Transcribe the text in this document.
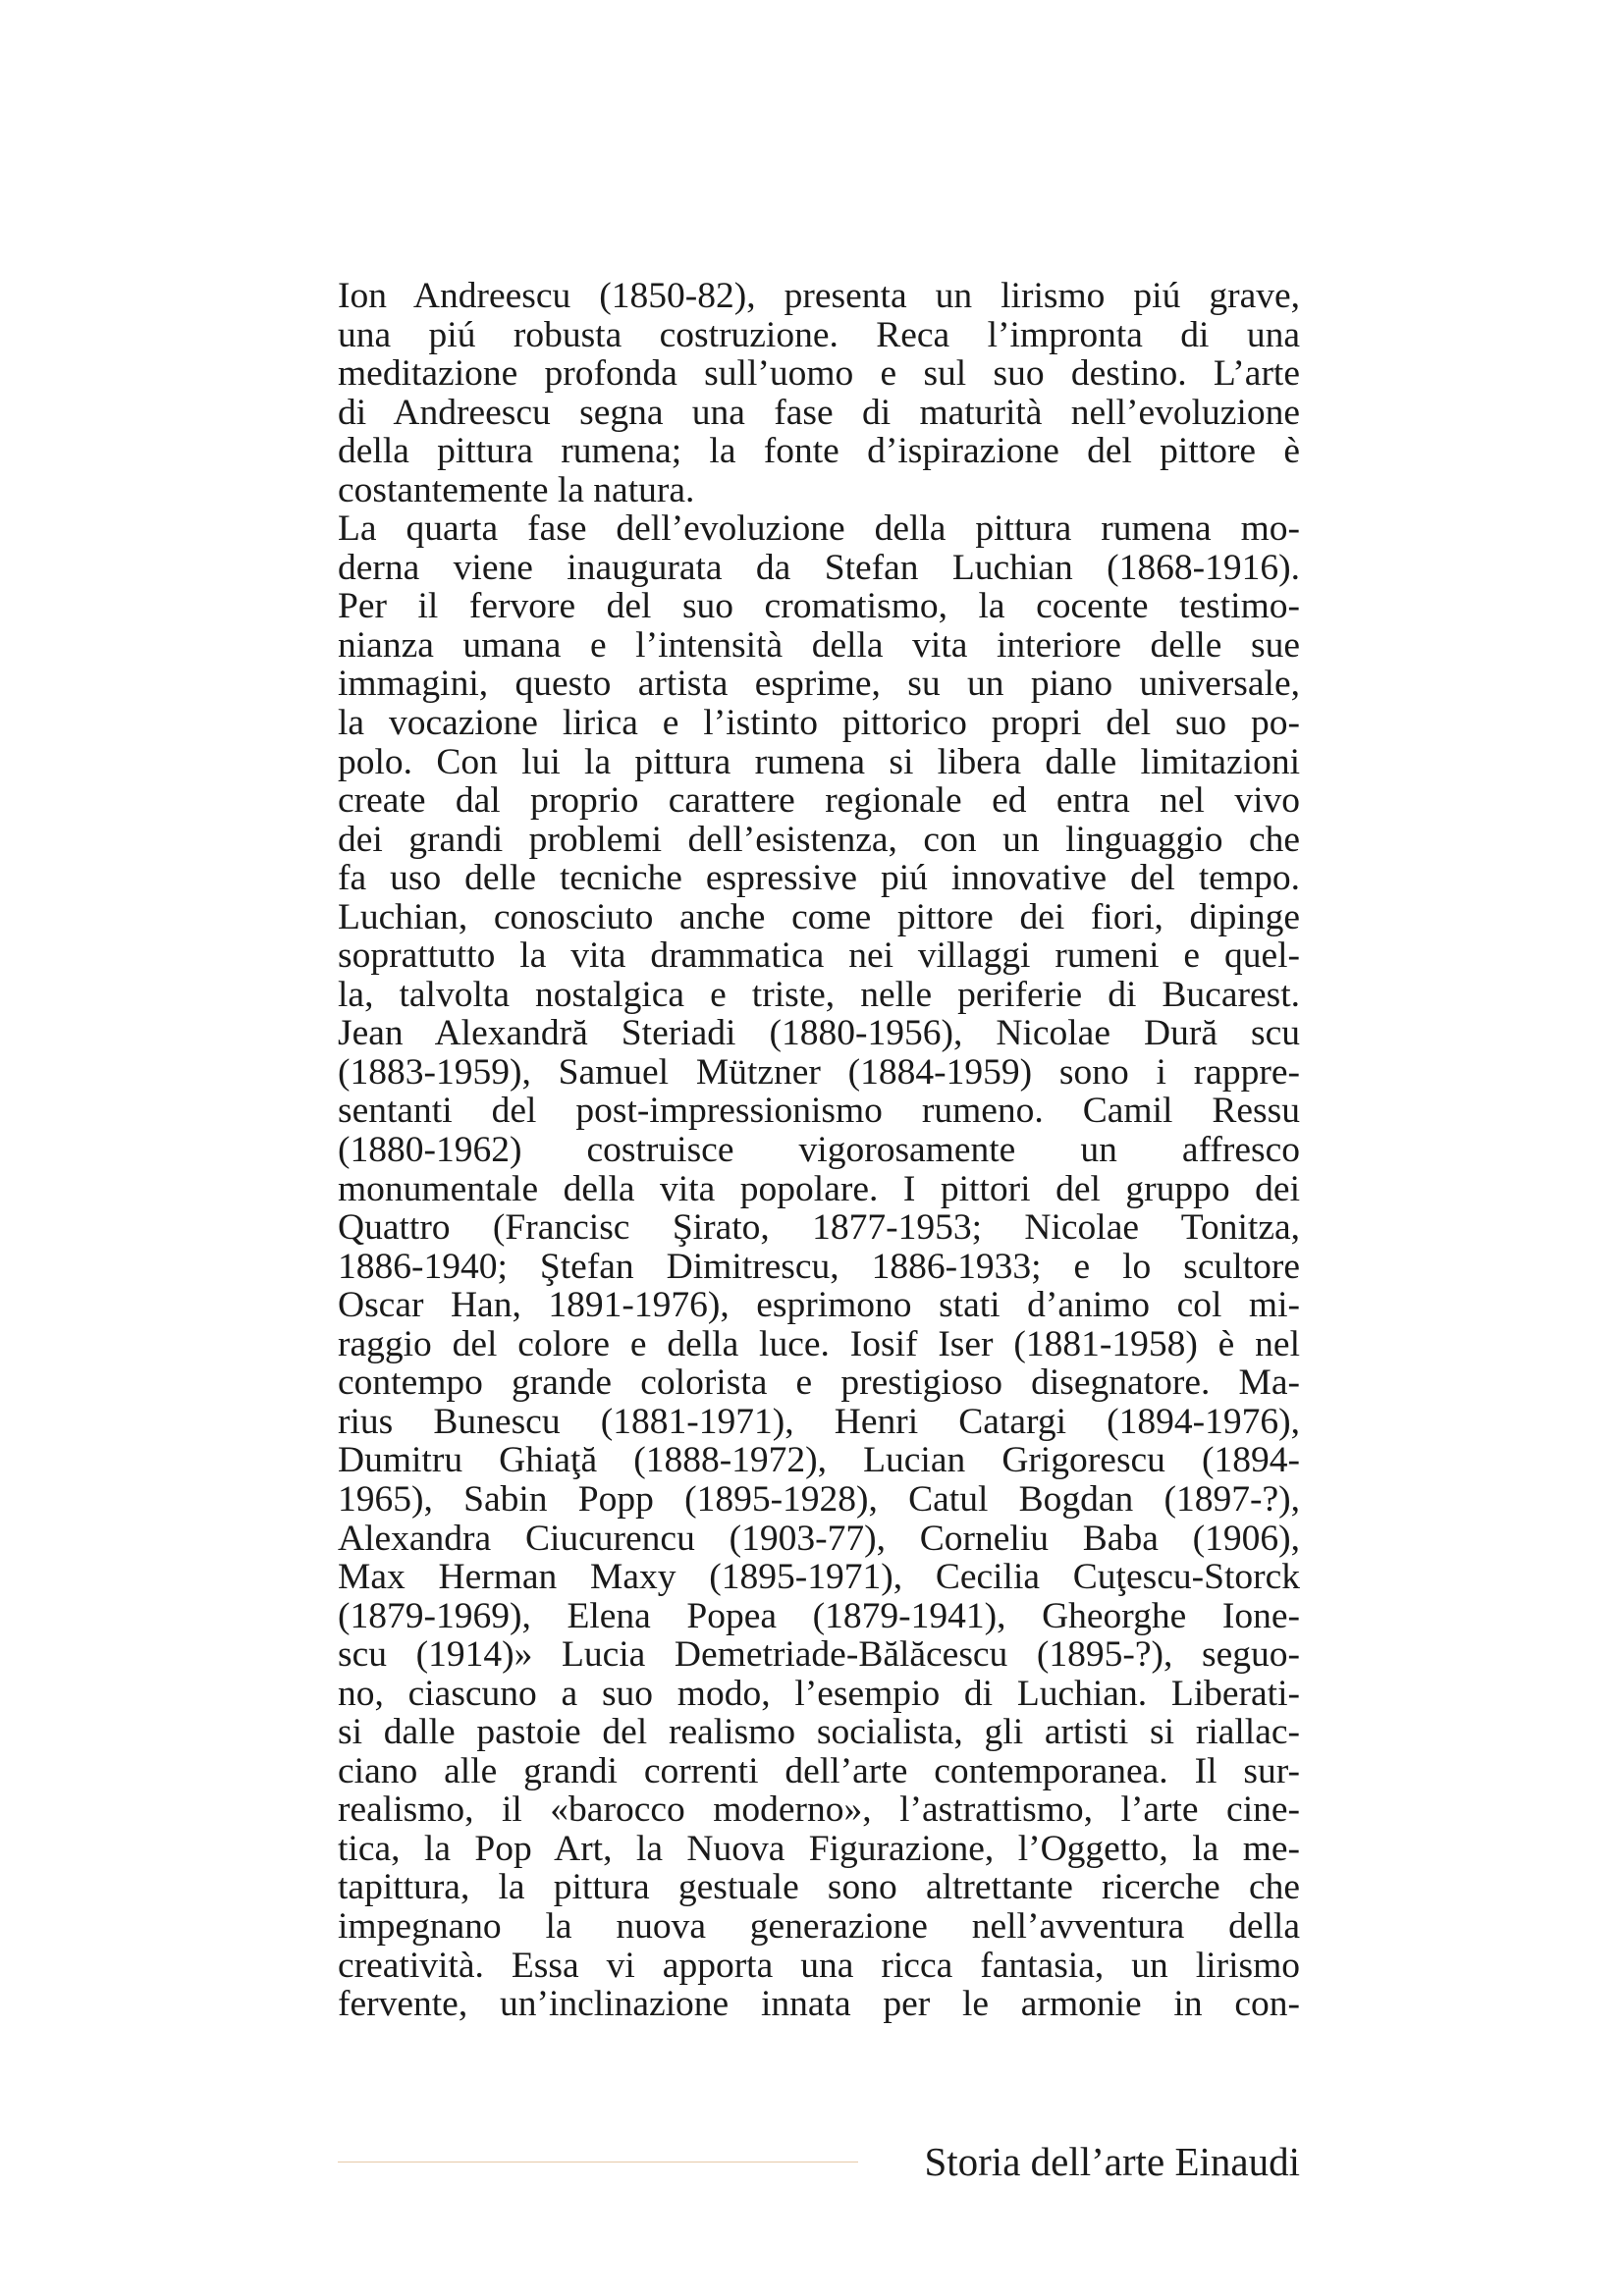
Ion Andreescu (1850-82), presenta un lirismo piú grave,
una piú robusta costruzione. Reca l’impronta di una
meditazione profonda sull’uomo e sul suo destino. L’arte
di Andreescu segna una fase di maturità nell’evoluzione
della pittura rumena; la fonte d’ispirazione del pittore è
costantemente la natura.
La quarta fase dell’evoluzione della pittura rumena mo-
derna viene inaugurata da Stefan Luchian (1868-1916).
Per il fervore del suo cromatismo, la cocente testimo-
nianza umana e l’intensità della vita interiore delle sue
immagini, questo artista esprime, su un piano universale,
la vocazione lirica e l’istinto pittorico propri del suo po-
polo. Con lui la pittura rumena si libera dalle limitazioni
create dal proprio carattere regionale ed entra nel vivo
dei grandi problemi dell’esistenza, con un linguaggio che
fa uso delle tecniche espressive piú innovative del tempo.
Luchian, conosciuto anche come pittore dei fiori, dipinge
soprattutto la vita drammatica nei villaggi rumeni e quel-
la, talvolta nostalgica e triste, nelle periferie di Bucarest.
Jean Alexandră Steriadi (1880-1956), Nicolae Dură scu
(1883-1959), Samuel Mützner (1884-1959) sono i rappre-
sentanti del post-impressionismo rumeno. Camil Ressu
(1880-1962) costruisce vigorosamente un affresco
monumentale della vita popolare. I pittori del gruppo dei
Quattro (Francisc Şirato, 1877-1953; Nicolae Tonitza,
1886-1940; Ştefan Dimitrescu, 1886-1933; e lo scultore
Oscar Han, 1891-1976), esprimono stati d’animo col mi-
raggio del colore e della luce. Iosif Iser (1881-1958) è nel
contempo grande colorista e prestigioso disegnatore. Ma-
rius Bunescu (1881-1971), Henri Catargi (1894-1976),
Dumitru Ghiaţă (1888-1972), Lucian Grigorescu (1894-
1965), Sabin Popp (1895-1928), Catul Bogdan (1897-?),
Alexandra Ciucurencu (1903-77), Corneliu Baba (1906),
Max Herman Maxy (1895-1971), Cecilia Cuţescu-Storck
(1879-1969), Elena Popea (1879-1941), Gheorghe Ione-
scu (1914)» Lucia Demetriade-Bălăcescu (1895-?), seguo-
no, ciascuno a suo modo, l’esempio di Luchian. Liberati-
si dalle pastoie del realismo socialista, gli artisti si riallac-
ciano alle grandi correnti dell’arte contemporanea. Il sur-
realismo, il «barocco moderno», l’astrattismo, l’arte cine-
tica, la Pop Art, la Nuova Figurazione, l’Oggetto, la me-
tapittura, la pittura gestuale sono altrettante ricerche che
impegnano la nuova generazione nell’avventura della
creatività. Essa vi apporta una ricca fantasia, un lirismo
fervente, un’inclinazione innata per le armonie in con-
Storia dell’arte Einaudi
